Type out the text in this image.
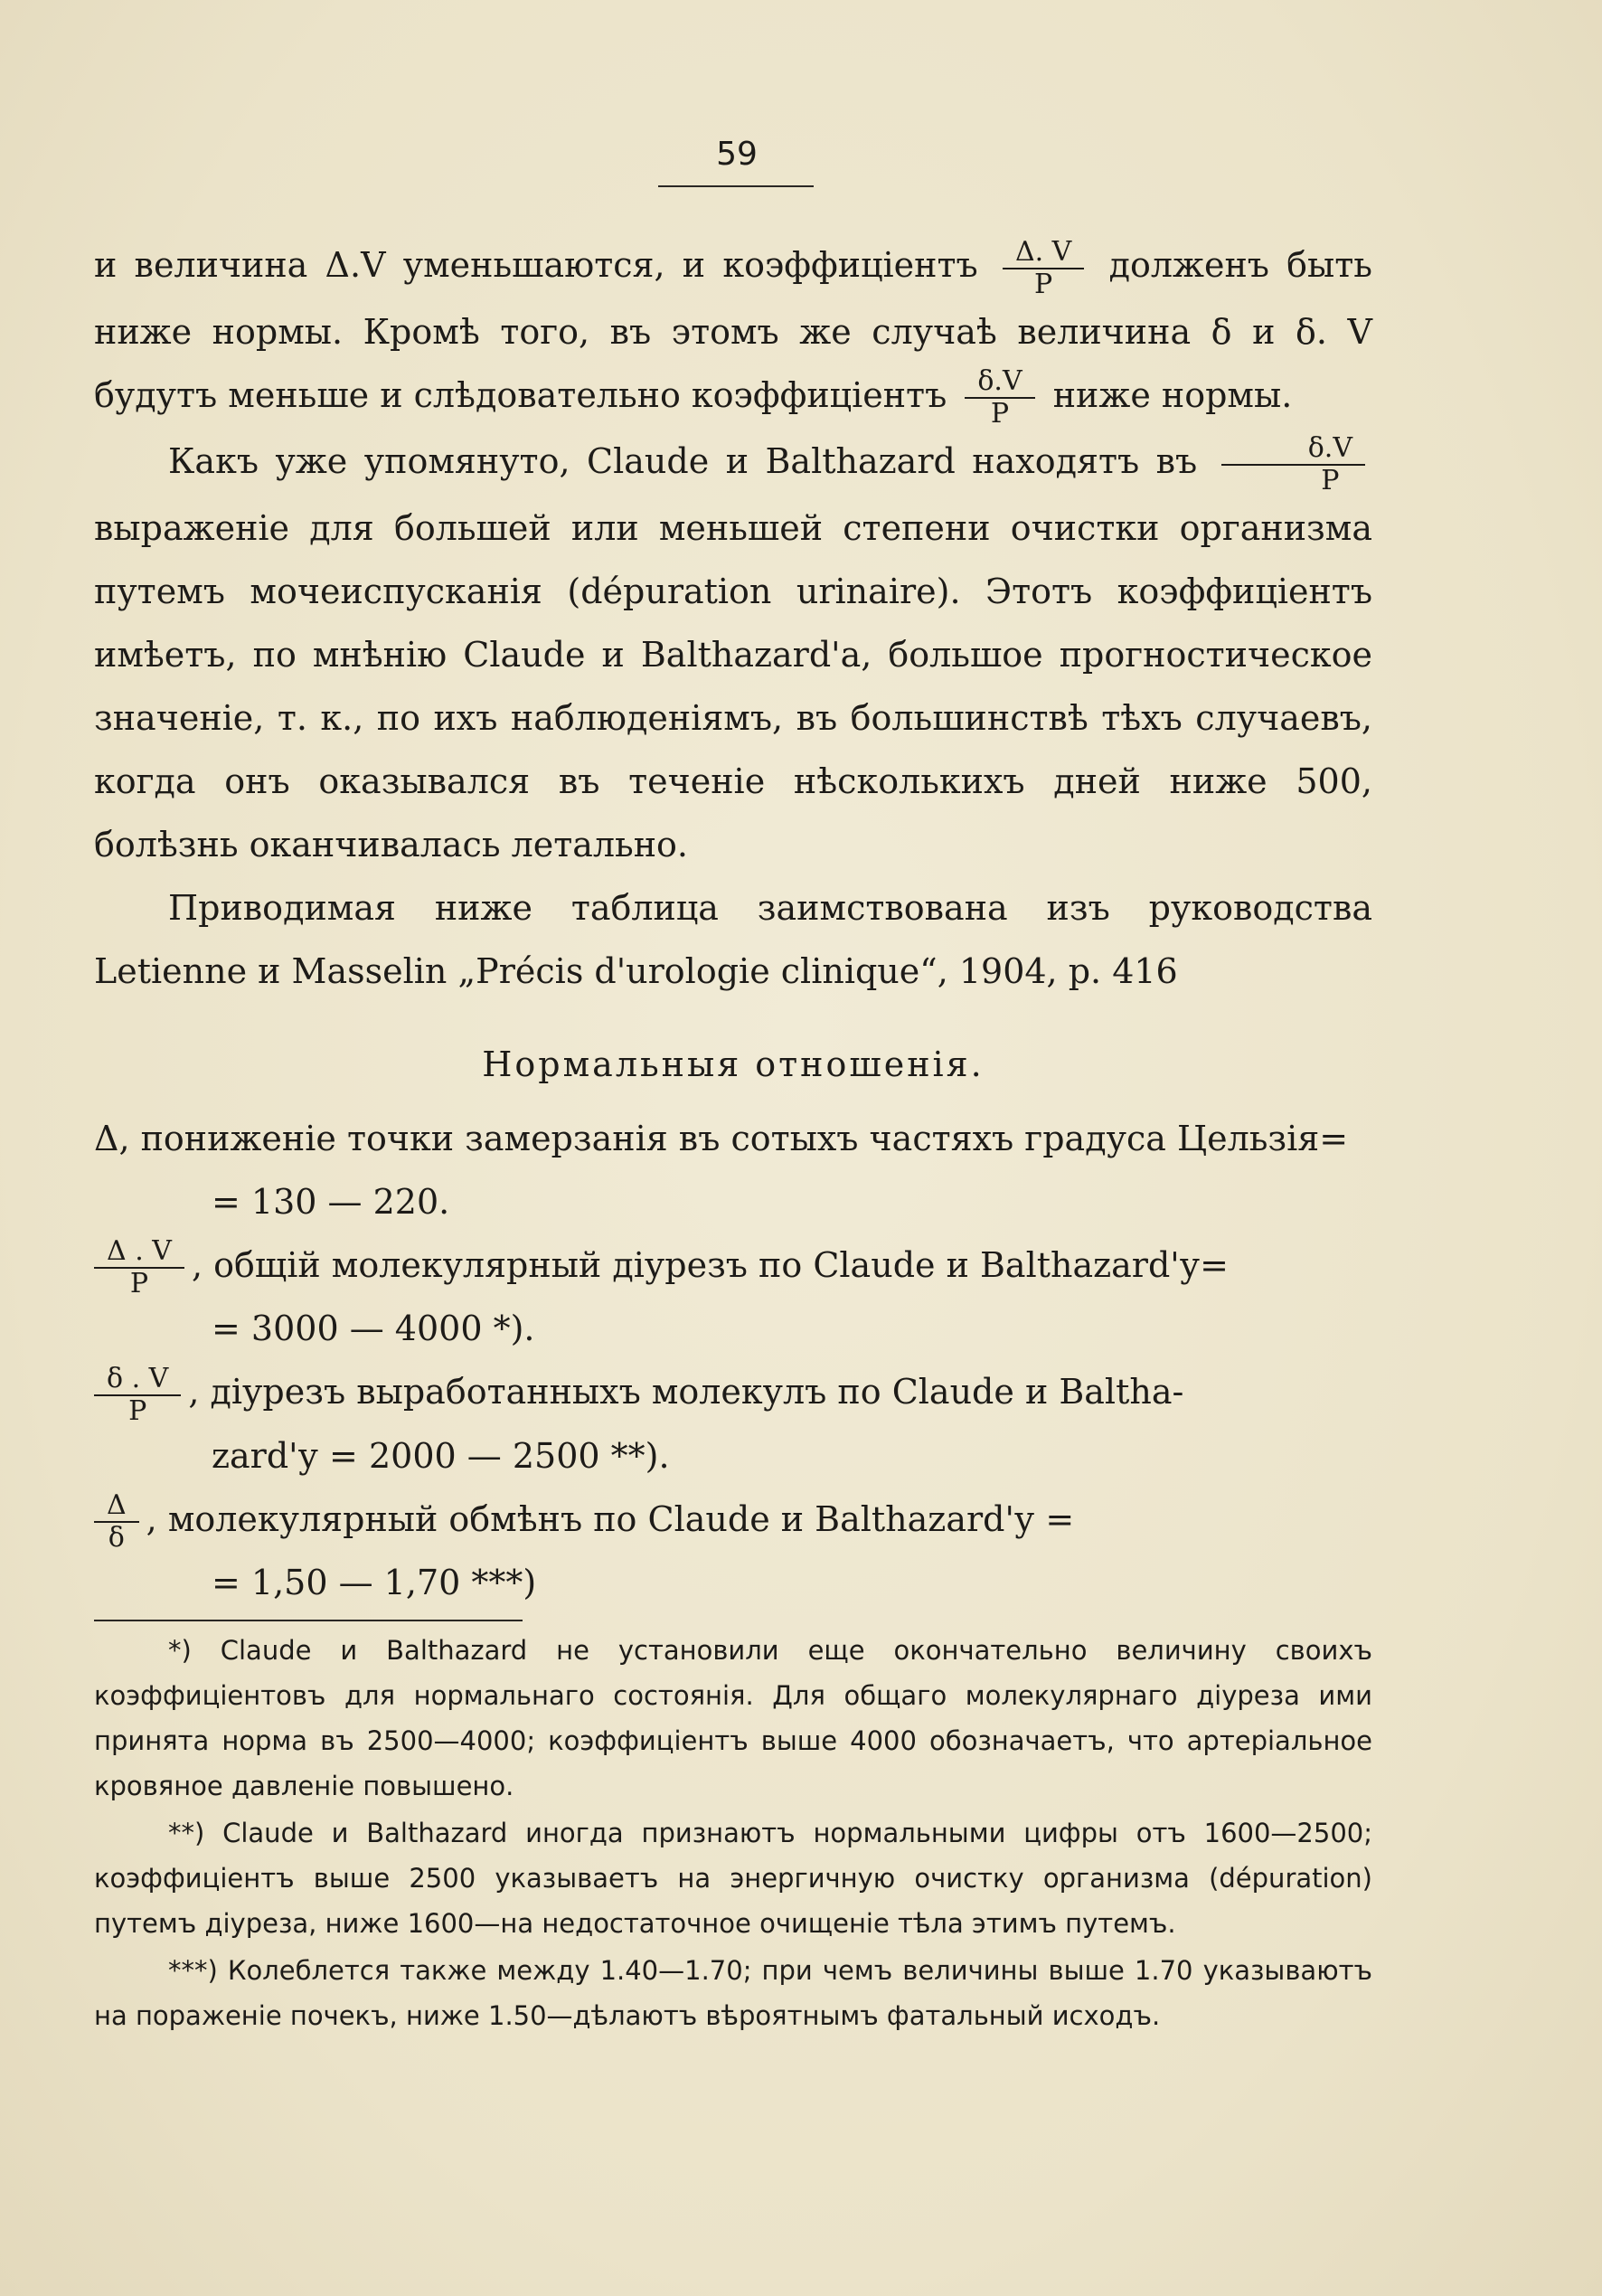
59

и величина Δ.V уменьшаются, и коэффиціентъ $\frac{\Delta. V}{P}$ долженъ быть ниже нормы. Кромѣ того, въ этомъ же случаѣ величина δ и δ. V будутъ меньше и слѣдовательно коэффиціентъ $\frac{\delta.V}{P}$ ниже нормы.

Какъ уже упомянуто, Claude и Balthazard находятъ въ $\frac{\delta.V}{P}$
выраженіе для большей или меньшей степени очистки организма путемъ мочеиспусканія (dépuration urinaire). Этотъ коэффиціентъ имѣетъ, по мнѣнію Claude и Balthazard'a, большое прогностическое значеніе, т. к., по ихъ наблюденіямъ, въ большинствѣ тѣхъ случаевъ, когда онъ оказывался въ теченіе нѣсколькихъ дней ниже 500, болѣзнь оканчивалась летально.

Приводимая ниже таблица заимствована изъ руководства Letienne и Masselin „Précis d'urologie clinique“, 1904, p. 416

Нормальныя отношенія.
Δ, пониженіе точки замерзанія въ сотыхъ частяхъ градуса Цельзія=
= 130 — 220.
$\frac{\Delta . V}{P}$ , общій молекулярный діурезъ по Claude и Balthazard'у=
= 3000 — 4000 *).
$\frac{\delta . V}{P}$ , діурезъ выработанныхъ молекулъ по Claude и Baltha-
zard'у = 2000 — 2500 **).
$\frac{\Delta}{\delta}$ , молекулярный обмѣнъ по Claude и Balthazard'у =
= 1,50 — 1,70 ***)

*) Claude и Balthazard не установили еще окончательно величину своихъ коэффиціентовъ для нормальнаго состоянія. Для общаго молекулярнаго діуреза ими принята норма въ 2500—4000; коэффиціентъ выше 4000 обозначаетъ, что артеріальное кровяное давленіе повышено.

**) Claude и Balthazard иногда признаютъ нормальными цифры отъ 1600—2500; коэффиціентъ выше 2500 указываетъ на энергичную очистку организма (dépuration) путемъ діуреза, ниже 1600—на недостаточное очищеніе тѣла этимъ путемъ.

***) Колеблется также между 1.40—1.70; при чемъ величины выше 1.70 указываютъ на пораженіе почекъ, ниже 1.50—дѣлаютъ вѣроятнымъ фатальный исходъ.
